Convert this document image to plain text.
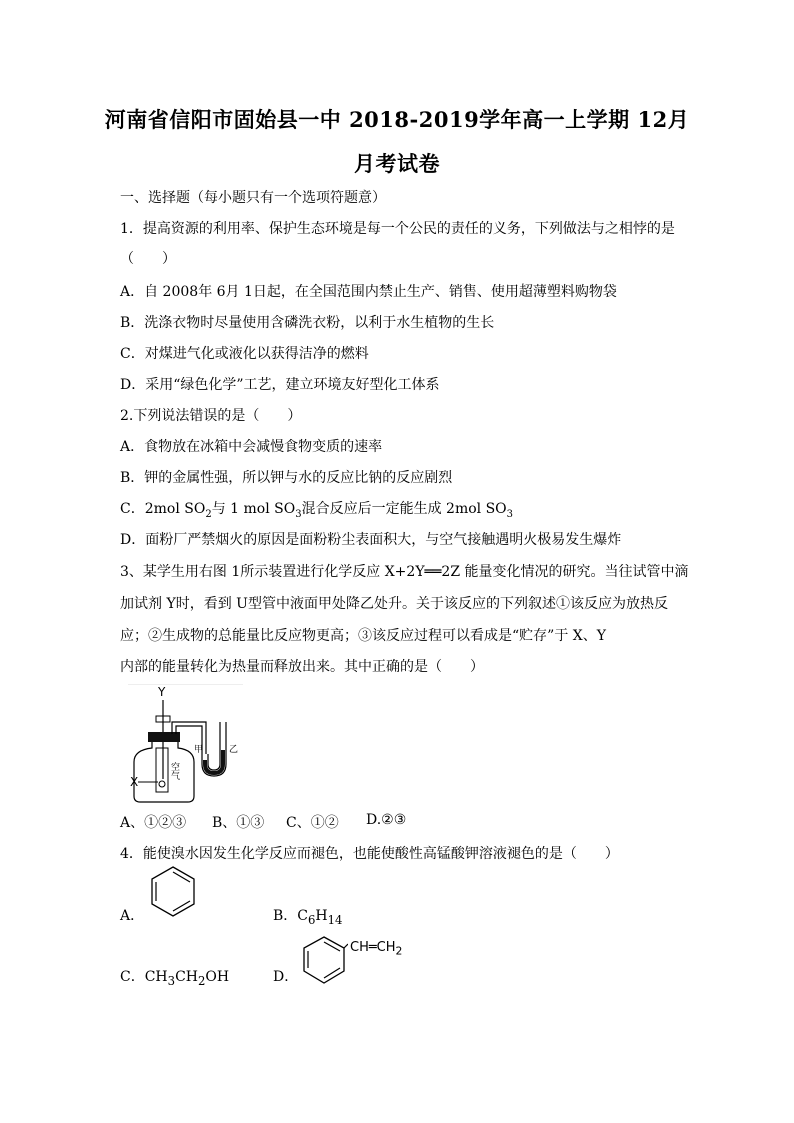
河南省信阳市固始县一中 2018-2019学年高一上学期 12月
月考试卷
一、选择题（每小题只有一个选项符题意）
1．提高资源的利用率、保护生态环境是每一个公民的责任的义务，下列做法与之相悖的是
（　　）
A．自 2008年 6月 1日起，在全国范围内禁止生产、销售、使用超薄塑料购物袋
B．洗涤衣物时尽量使用含磷洗衣粉，以利于水生植物的生长
C．对煤进气化或液化以获得洁净的燃料
D．采用“绿色化学”工艺，建立环境友好型化工体系
2.下列说法错误的是（　　）
A．食物放在冰箱中会减慢食物变质的速率
B．钾的金属性强，所以钾与水的反应比钠的反应剧烈
C．2mol $SO_2$与 1 mol $SO_3$混合反应后一定能生成 2mol $SO_3$
D．面粉厂严禁烟火的原因是面粉粉尘表面积大，与空气接触遇明火极易发生爆炸
3、某学生用右图 1所示装置进行化学反应 X+2Y══2Z 能量变化情况的研究。当往试管中滴
加试剂 Y时，看到 U型管中液面甲处降乙处升。关于该反应的下列叙述①该反应为放热反
应；②生成物的总能量比反应物更高；③该反应过程可以看成是“贮存”于 X、Y
内部的能量转化为热量而释放出来。其中正确的是（　　）
Y
空气
X
甲	乙
A、①②③ B、①③ C、①② D.②③
4．能使溴水因发生化学反应而褪色，也能使酸性高锰酸钾溶液褪色的是（　　）
A．	B．$C_6H_{14}$
C．$CH_3CH_2OH$	D．
$CH═CH_2$
